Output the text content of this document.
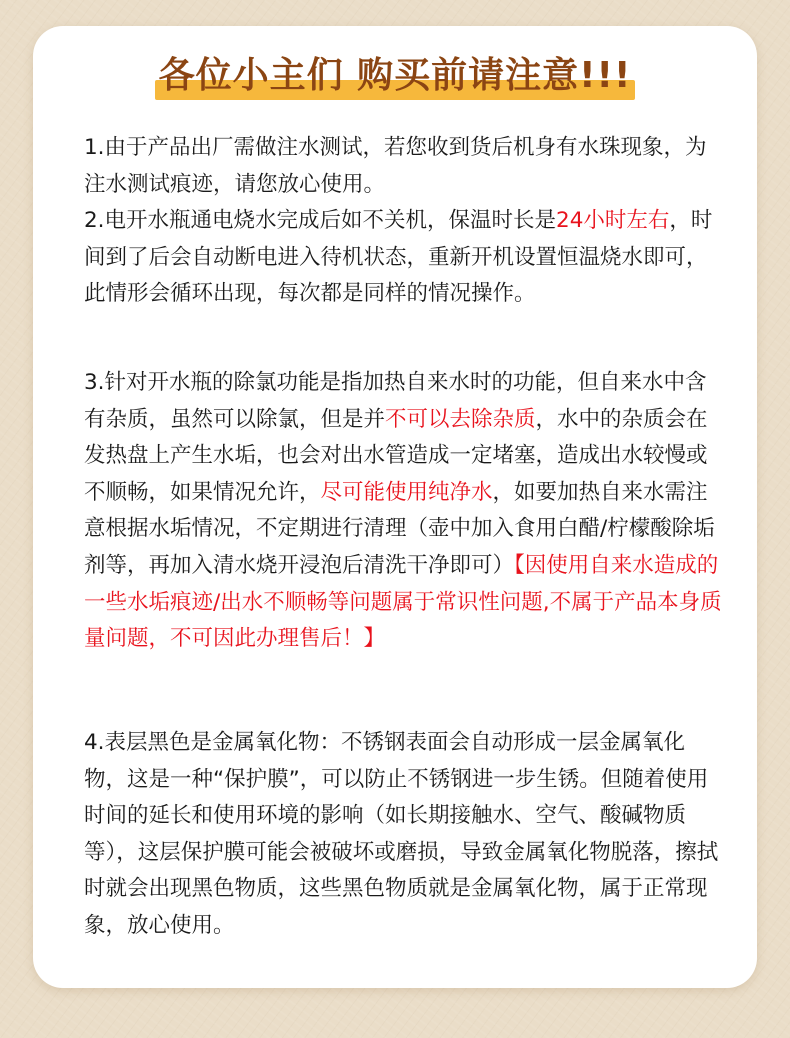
各位小主们 购买前请注意!!!

1.由于产品出厂需做注水测试，若您收到货后机身有水珠现象，为注水测试痕迹，请您放心使用。

2.电开水瓶通电烧水完成后如不关机，保温时长是24小时左右，时间到了后会自动断电进入待机状态，重新开机设置恒温烧水即可，此情形会循环出现，每次都是同样的情况操作。

3.针对开水瓶的除氯功能是指加热自来水时的功能，但自来水中含有杂质，虽然可以除氯，但是并不可以去除杂质，水中的杂质会在发热盘上产生水垢，也会对出水管造成一定堵塞，造成出水较慢或不顺畅，如果情况允许，尽可能使用纯净水，如要加热自来水需注意根据水垢情况，不定期进行清理（壶中加入食用白醋/柠檬酸除垢剂等，再加入清水烧开浸泡后清洗干净即可）【因使用自来水造成的一些水垢痕迹/出水不顺畅等问题属于常识性问题,不属于产品本身质量问题，不可因此办理售后！】

4.表层黑色是金属氧化物：不锈钢表面会自动形成一层金属氧化物，这是一种“保护膜”，可以防止不锈钢进一步生锈。但随着使用时间的延长和使用环境的影响（如长期接触水、空气、酸碱物质等），这层保护膜可能会被破坏或磨损，导致金属氧化物脱落，擦拭时就会出现黑色物质，这些黑色物质就是金属氧化物，属于正常现象，放心使用。
